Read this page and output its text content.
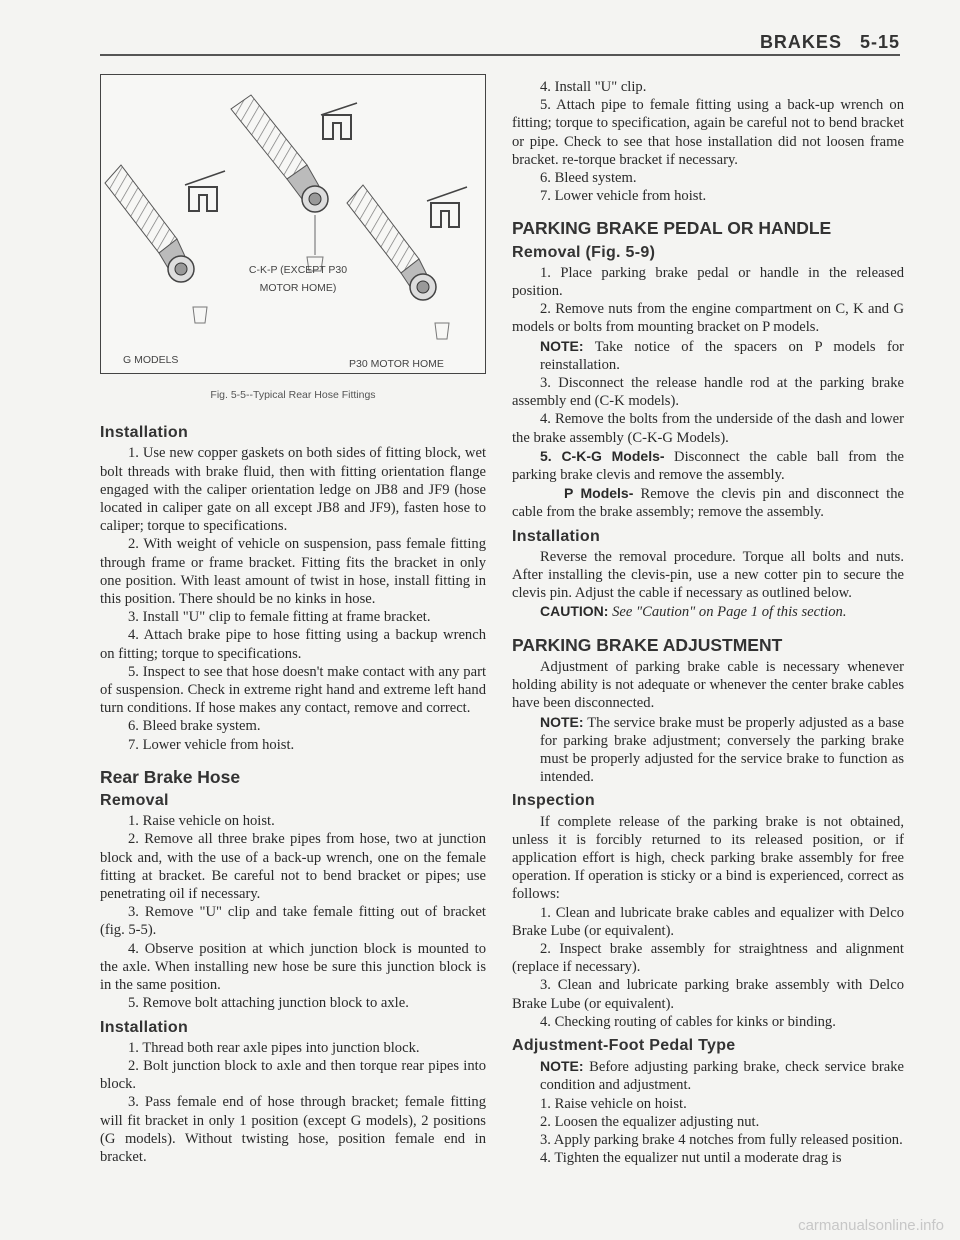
BRAKES 5-15
C-K-P (EXCEPT P30
MOTOR HOME)
G MODELS	P30 MOTOR HOME
Fig. 5-5--Typical Rear Hose Fittings
Installation

1. Use new copper gaskets on both sides of fitting block, wet bolt threads with brake fluid, then with fitting orientation flange engaged with the caliper orientation ledge on JB8 and JF9 (hose located in caliper gate on all except JB8 and JF9), fasten hose to caliper; torque to specifications.

2. With weight of vehicle on suspension, pass female fitting through frame or frame bracket. Fitting fits the bracket in only one position. With least amount of twist in hose, install fitting in this position. There should be no kinks in hose.

3. Install "U" clip to female fitting at frame bracket.

4. Attach brake pipe to hose fitting using a backup wrench on fitting; torque to specifications.

5. Inspect to see that hose doesn't make contact with any part of suspension. Check in extreme right hand and extreme left hand turn conditions. If hose makes any contact, remove and correct.

6. Bleed brake system.

7. Lower vehicle from hoist.

Rear Brake Hose
Removal

1. Raise vehicle on hoist.

2. Remove all three brake pipes from hose, two at junction block and, with the use of a back-up wrench, one on the female fitting at bracket. Be careful not to bend bracket or pipes; use penetrating oil if necessary.

3. Remove "U" clip and take female fitting out of bracket (fig. 5-5).

4. Observe position at which junction block is mounted to the axle. When installing new hose be sure this junction block is in the same position.

5. Remove bolt attaching junction block to axle.

Installation

1. Thread both rear axle pipes into junction block.

2. Bolt junction block to axle and then torque rear pipes into block.

3. Pass female end of hose through bracket; female fitting will fit bracket in only 1 position (except G models), 2 positions (G models). Without twisting hose, position female end in bracket.

4. Install "U" clip.

5. Attach pipe to female fitting using a back-up wrench on fitting; torque to specification, again be careful not to bend bracket or pipe. Check to see that hose installation did not loosen frame bracket. re-torque bracket if necessary.

6. Bleed system.

7. Lower vehicle from hoist.

PARKING BRAKE PEDAL OR HANDLE
Removal (Fig. 5-9)

1. Place parking brake pedal or handle in the released position.

2. Remove nuts from the engine compartment on C, K and G models or bolts from mounting bracket on P models.

NOTE: Take notice of the spacers on P models for reinstallation.

3. Disconnect the release handle rod at the parking brake assembly end (C-K models).

4. Remove the bolts from the underside of the dash and lower the brake assembly (C-K-G Models).

5. C-K-G Models- Disconnect the cable ball from the parking brake clevis and remove the assembly.

P Models- Remove the clevis pin and disconnect the cable from the brake assembly; remove the assembly.

Installation

Reverse the removal procedure. Torque all bolts and nuts. After installing the clevis-pin, use a new cotter pin to secure the clevis pin. Adjust the cable if necessary as outlined below.

CAUTION: See "Caution" on Page 1 of this section.

PARKING BRAKE ADJUSTMENT

Adjustment of parking brake cable is necessary whenever holding ability is not adequate or whenever the center brake cables have been disconnected.

NOTE: The service brake must be properly adjusted as a base for parking brake adjustment; conversely the parking brake must be properly adjusted for the service brake to function as intended.

Inspection

If complete release of the parking brake is not obtained, unless it is forcibly returned to its released position, or if application effort is high, check parking brake assembly for free operation. If operation is sticky or a bind is experienced, correct as follows:

1. Clean and lubricate brake cables and equalizer with Delco Brake Lube (or equivalent).

2. Inspect brake assembly for straightness and alignment (replace if necessary).

3. Clean and lubricate parking brake assembly with Delco Brake Lube (or equivalent).

4. Checking routing of cables for kinks or binding.

Adjustment-Foot Pedal Type

NOTE: Before adjusting parking brake, check service brake condition and adjustment.

1. Raise vehicle on hoist.

2. Loosen the equalizer adjusting nut.

3. Apply parking brake 4 notches from fully released position.

4. Tighten the equalizer nut until a moderate drag is

carmanualsonline.info
